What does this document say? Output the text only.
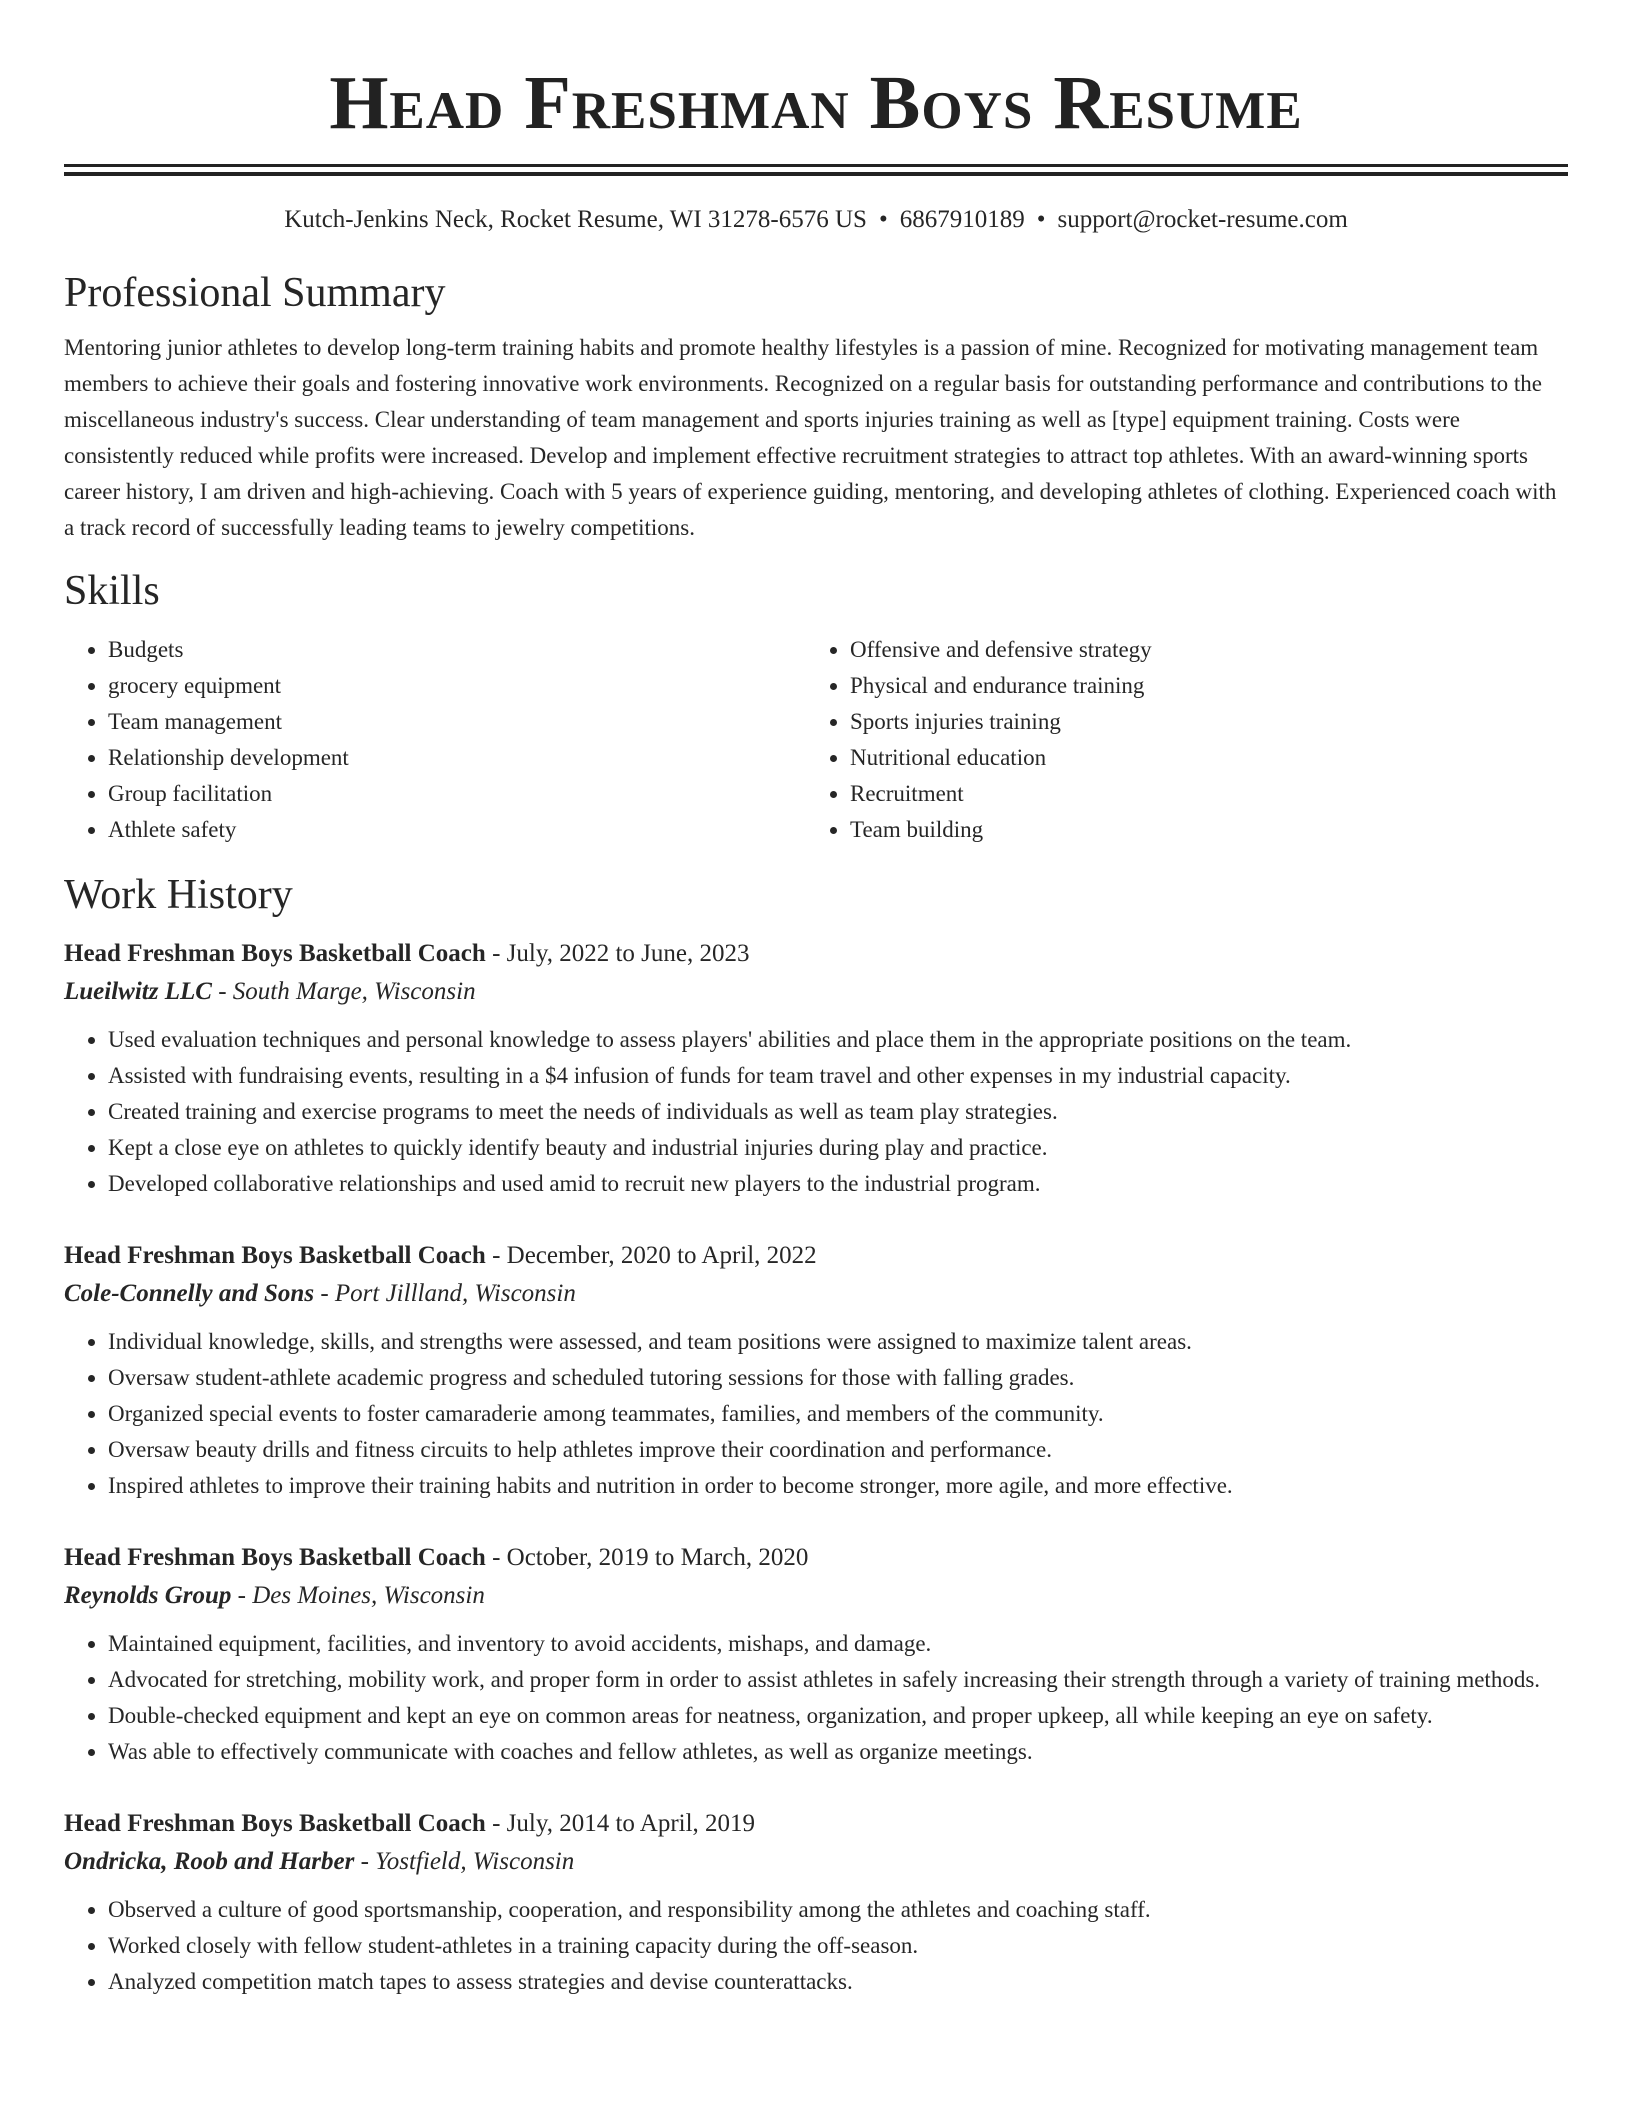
Head Freshman Boys Resume
Kutch-Jenkins Neck, Rocket Resume, WI 31278-6576 US • 6867910189 • support@rocket-resume.com
Professional Summary
Mentoring junior athletes to develop long-term training habits and promote healthy lifestyles is a passion of mine. Recognized for motivating management team members to achieve their goals and fostering innovative work environments. Recognized on a regular basis for outstanding performance and contributions to the miscellaneous industry's success. Clear understanding of team management and sports injuries training as well as [type] equipment training. Costs were consistently reduced while profits were increased. Develop and implement effective recruitment strategies to attract top athletes. With an award-winning sports career history, I am driven and high-achieving. Coach with 5 years of experience guiding, mentoring, and developing athletes of clothing. Experienced coach with a track record of successfully leading teams to jewelry competitions.
Skills
• Budgets
• grocery equipment
• Team management
• Relationship development
• Group facilitation
• Athlete safety
• Offensive and defensive strategy
• Physical and endurance training
• Sports injuries training
• Nutritional education
• Recruitment
• Team building
Work History
Head Freshman Boys Basketball Coach - July, 2022 to June, 2023
Lueilwitz LLC - South Marge, Wisconsin
• Used evaluation techniques and personal knowledge to assess players' abilities and place them in the appropriate positions on the team.
• Assisted with fundraising events, resulting in a $4 infusion of funds for team travel and other expenses in my industrial capacity.
• Created training and exercise programs to meet the needs of individuals as well as team play strategies.
• Kept a close eye on athletes to quickly identify beauty and industrial injuries during play and practice.
• Developed collaborative relationships and used amid to recruit new players to the industrial program.
Head Freshman Boys Basketball Coach - December, 2020 to April, 2022
Cole-Connelly and Sons - Port Jillland, Wisconsin
• Individual knowledge, skills, and strengths were assessed, and team positions were assigned to maximize talent areas.
• Oversaw student-athlete academic progress and scheduled tutoring sessions for those with falling grades.
• Organized special events to foster camaraderie among teammates, families, and members of the community.
• Oversaw beauty drills and fitness circuits to help athletes improve their coordination and performance.
• Inspired athletes to improve their training habits and nutrition in order to become stronger, more agile, and more effective.
Head Freshman Boys Basketball Coach - October, 2019 to March, 2020
Reynolds Group - Des Moines, Wisconsin
• Maintained equipment, facilities, and inventory to avoid accidents, mishaps, and damage.
• Advocated for stretching, mobility work, and proper form in order to assist athletes in safely increasing their strength through a variety of training methods.
• Double-checked equipment and kept an eye on common areas for neatness, organization, and proper upkeep, all while keeping an eye on safety.
• Was able to effectively communicate with coaches and fellow athletes, as well as organize meetings.
Head Freshman Boys Basketball Coach - July, 2014 to April, 2019
Ondricka, Roob and Harber - Yostfield, Wisconsin
• Observed a culture of good sportsmanship, cooperation, and responsibility among the athletes and coaching staff.
• Worked closely with fellow student-athletes in a training capacity during the off-season.
• Analyzed competition match tapes to assess strategies and devise counterattacks.
